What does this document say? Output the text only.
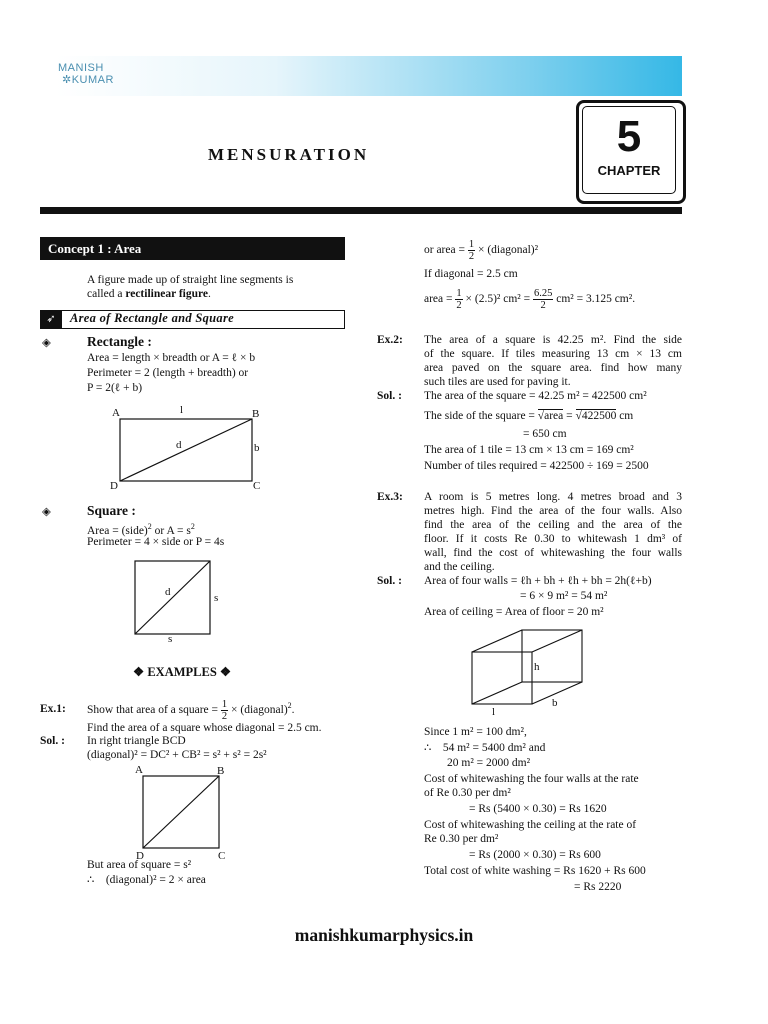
MANISH
✲KUMAR
MENSURATION	5
CHAPTER
Concept 1 : Area
A figure made up of straight line segments is
called a rectilinear figure.
➶	Area of Rectangle and Square
◈	Rectangle :
Area = length × breadth or A = ℓ × b
Perimeter = 2 (length + breadth) or
P = 2(ℓ + b)
A	B
C
D
l
b
d
◈	Square :
Area = (side)$^2$ or $A = s^2$
Perimeter = 4 × side or P = 4s
d	s
s
❖ EXAMPLES ❖
Ex.1: Show that area of a square = $\frac{1}{2}$ × (diagonal)$^2$.
Find the area of a square whose diagonal = 2.5 cm.
Sol. : In right triangle BCD
(diagonal)² = DC² + CB² = s² + s² = 2s²
A	B
C
D
But area of square = s²
∴ (diagonal)² = 2 × area
or area = $\frac{1}{2}$ × (diagonal)²
If diagonal = 2.5 cm
area = $\frac{1}{2} \times (2.5)^2$ $cm^2 = \frac{6.25}{2} cm^2 = 3.125$ cm².
Ex.2: The area of a square is 42.25 m². Find the side
of the square. If tiles measuring 13 cm × 13 cm
area paved on the square area. find how many
such tiles are used for paving it.
Sol. : The area of the square = 42.25 m² = 422500 cm²
The side of the square = √area = √422500 cm
= 650 cm
The area of 1 tile = 13 cm × 13 cm = 169 cm²
Number of tiles required = 422500 ÷ 169 = 2500
Ex.3: A room is 5 metres long. 4 metres broad and 3
metres high. Find the area of the four walls. Also
find the area of the ceiling and the area of the
floor. If it costs Re 0.30 to whitewash 1 dm³ of
wall, find the cost of whitewashing the four walls
and the ceiling.
Sol. : Area of four walls = ℓh + bh + ℓh + bh = 2h(ℓ+b)
= 6 × 9 m² = 54 m²
Area of ceiling = Area of floor = 20 m²
h
b
l
Since 1 m² = 100 dm²,
∴ 54 m² = 5400 dm² and
20 m² = 2000 dm²
Cost of whitewashing the four walls at the rate
of Re 0.30 per dm²
= Rs (5400 × 0.30) = Rs 1620
Cost of whitewashing the ceiling at the rate of
Re 0.30 per dm²
= Rs (2000 × 0.30) = Rs 600
Total cost of white washing = Rs 1620 + Rs 600
= Rs 2220
manishkumarphysics.in
